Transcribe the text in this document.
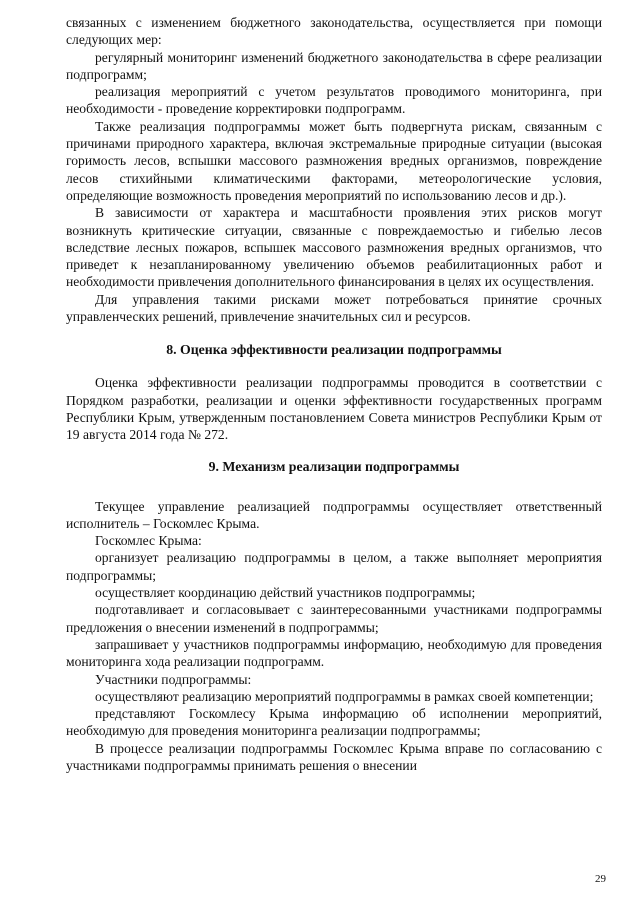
связанных с изменением бюджетного законодательства, осуществляется при помощи следующих мер:

регулярный мониторинг изменений бюджетного законодательства в сфере реализации подпрограмм;

реализация мероприятий с учетом результатов проводимого мониторинга, при необходимости - проведение корректировки подпрограмм.

Также реализация подпрограммы может быть подвергнута рискам, связанным с причинами природного характера, включая экстремальные природные ситуации (высокая горимость лесов, вспышки массового размножения вредных организмов, повреждение лесов стихийными климатическими факторами, метеорологические условия, определяющие возможность проведения мероприятий по использованию лесов и др.).

В зависимости от характера и масштабности проявления этих рисков могут возникнуть критические ситуации, связанные с повреждаемостью и гибелью лесов вследствие лесных пожаров, вспышек массового размножения вредных организмов, что приведет к незапланированному увеличению объемов реабилитационных работ и необходимости привлечения дополнительного финансирования в целях их осуществления.

Для управления такими рисками может потребоваться принятие срочных управленческих решений, привлечение значительных сил и ресурсов.

8. Оценка эффективности реализации подпрограммы

Оценка эффективности реализации подпрограммы проводится в соответствии с Порядком разработки, реализации и оценки эффективности государственных программ Республики Крым, утвержденным постановлением Совета министров Республики Крым от 19 августа 2014 года № 272.

9. Механизм реализации подпрограммы

Текущее управление реализацией подпрограммы осуществляет ответственный исполнитель – Госкомлес Крыма.

Госкомлес Крыма:

организует реализацию подпрограммы в целом, а также выполняет мероприятия подпрограммы;

осуществляет координацию действий участников подпрограммы;

подготавливает и согласовывает с заинтересованными участниками подпрограммы предложения о внесении изменений в подпрограммы;

запрашивает у участников подпрограммы информацию, необходимую для проведения мониторинга хода реализации подпрограмм.

Участники подпрограммы:

осуществляют реализацию мероприятий подпрограммы в рамках своей компетенции;

представляют Госкомлесу Крыма информацию об исполнении мероприятий, необходимую для проведения мониторинга реализации подпрограммы;

В процессе реализации подпрограммы Госкомлес Крыма вправе по согласованию с участниками подпрограммы принимать решения о внесении

29
